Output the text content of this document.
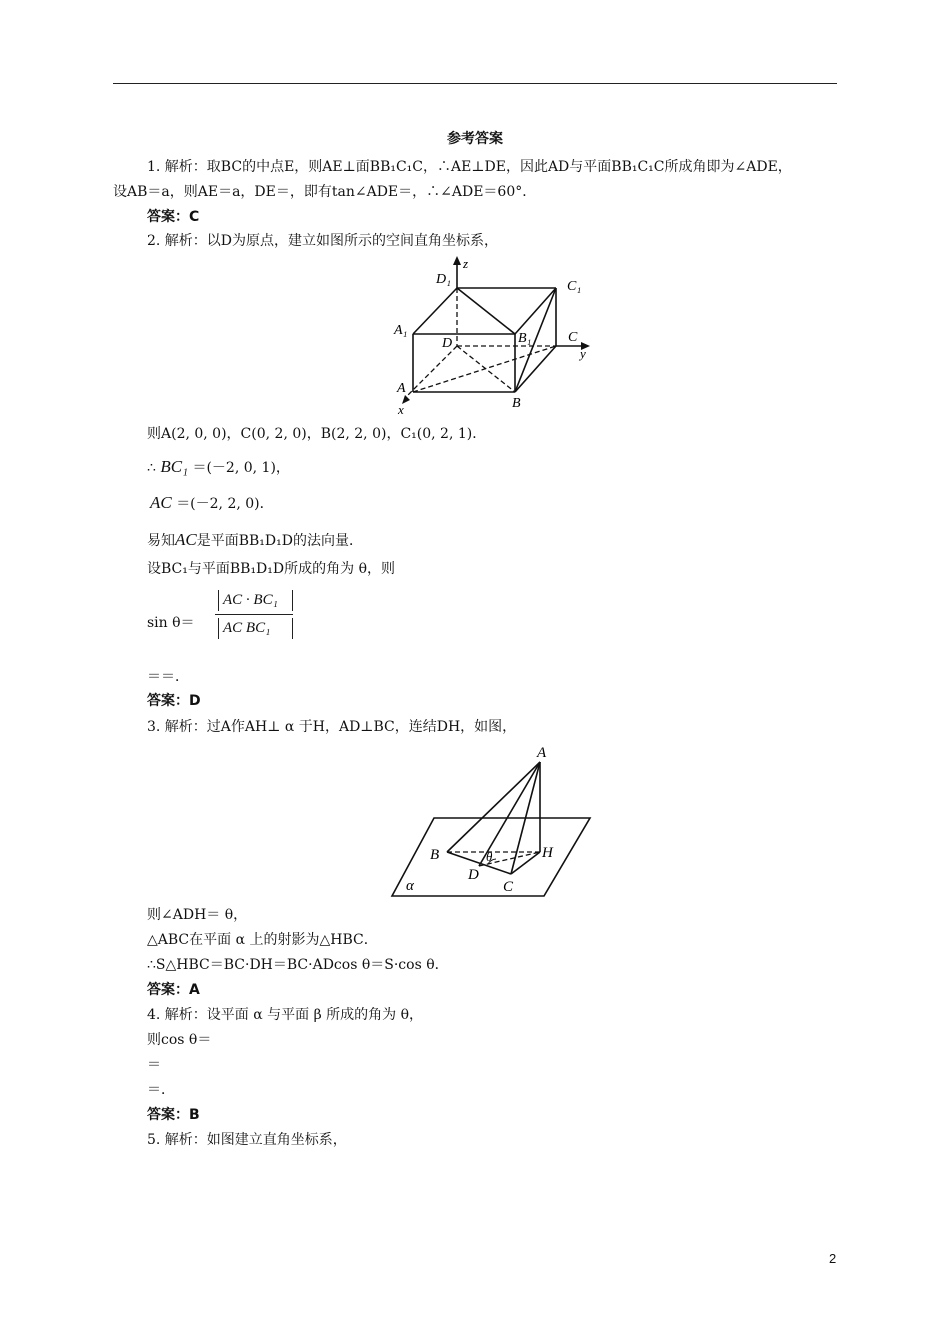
参考答案
1. 解析：取BC的中点E，则AE⊥面BB₁C₁C，∴AE⊥DE，因此AD与平面BB₁C₁C所成角即为∠ADE，
设AB＝a，则AE＝a，DE＝，即有tan∠ADE＝，∴∠ADE＝60°．
答案：C
2. 解析：以D为原点，建立如图所示的空间直角坐标系，
D₁
z
C₁
A₁
B₁	C
D
y
A
B
x
则A(2, 0, 0)，C(0, 2, 0)，B(2, 2, 0)，C₁(0, 2, 1)．
∴ BC₁ ＝(－2, 0, 1)，
AC ＝(－2, 2, 0)．
易知AC是平面BB₁D₁D的法向量．
设BC₁与平面BB₁D₁D所成的角为 θ，则
sin θ＝
AC · BC₁
AC BC₁
＝＝．
答案：D
3. 解析：过A作AH⊥ α 于H，AD⊥BC，连结DH，如图，
A
B	θ	H
D
C
α
则∠ADH＝ θ，
△ABC在平面 α 上的射影为△HBC．
∴S△HBC＝BC·DH＝BC·ADcos θ＝S·cos θ．
答案：A
4. 解析：设平面 α 与平面 β 所成的角为 θ，
则cos θ＝
＝
＝．
答案：B
5. 解析：如图建立直角坐标系，
2
